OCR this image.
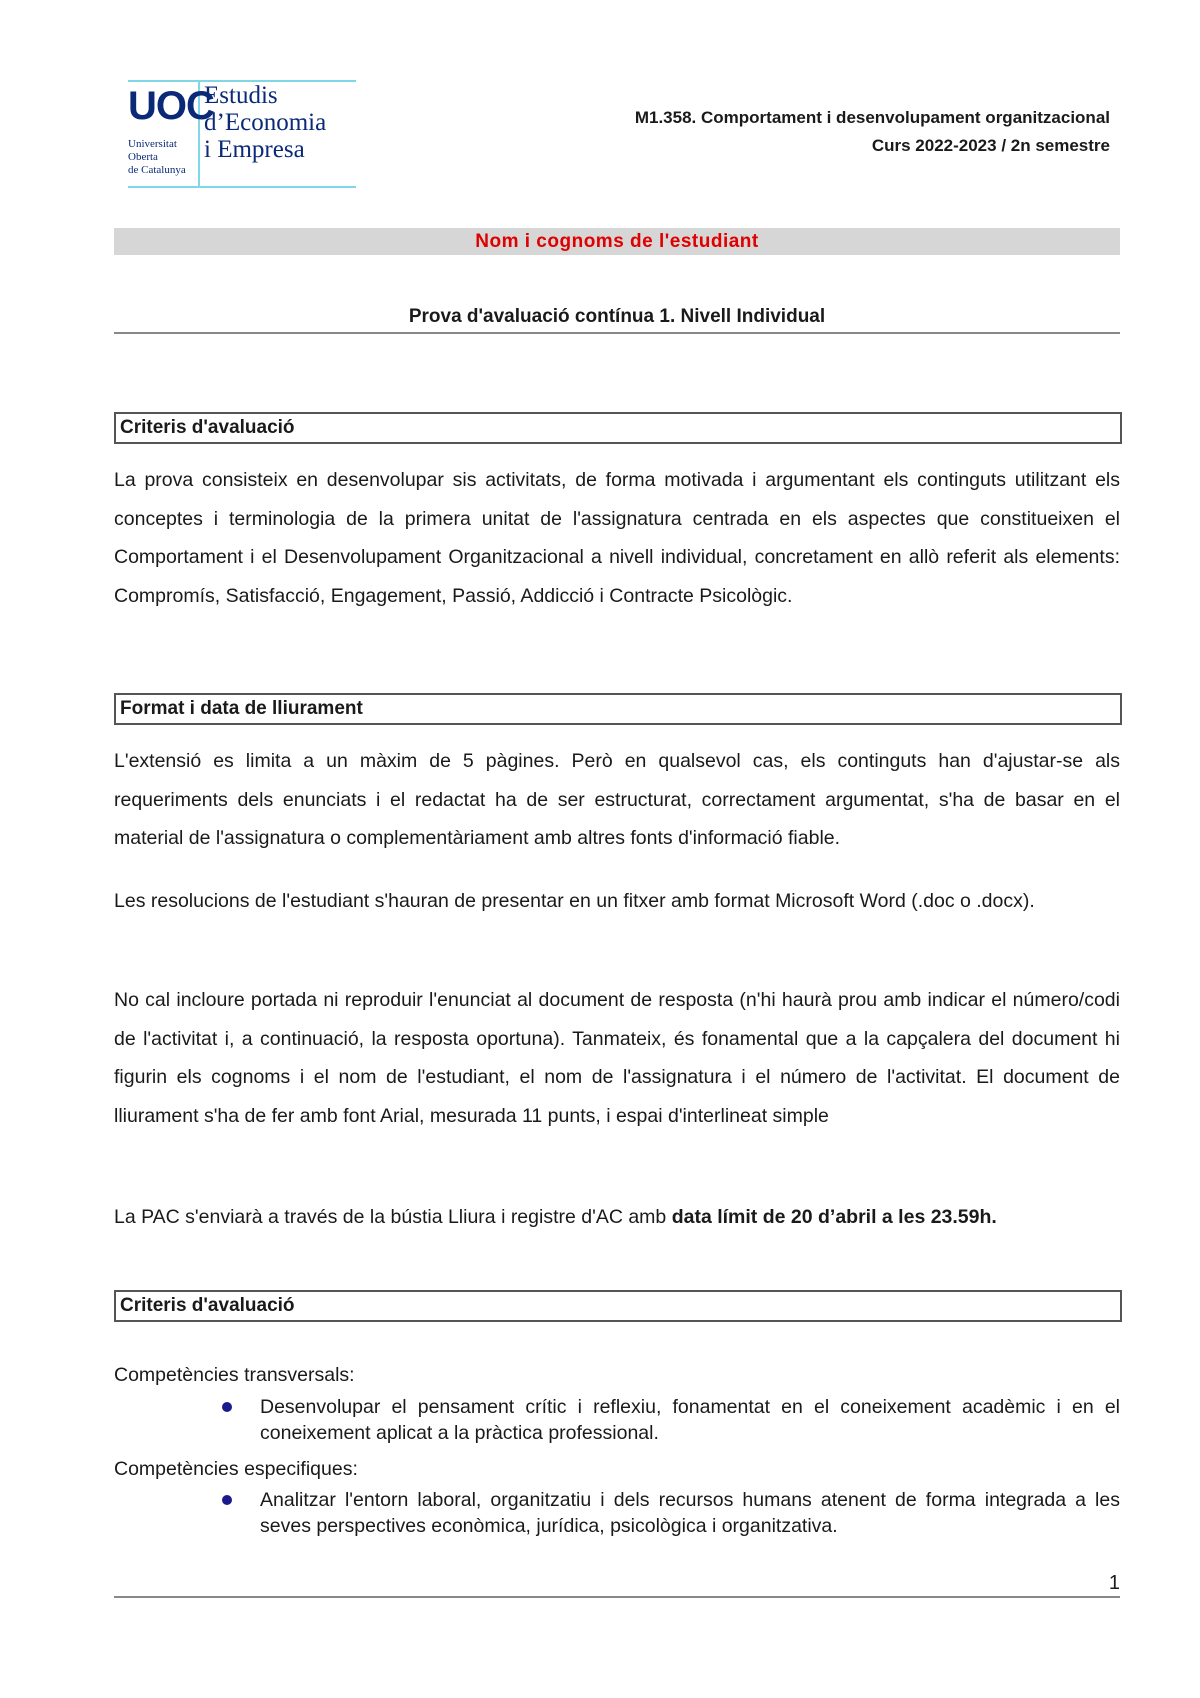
UOC
Universitat
Oberta
de Catalunya
Estudis
d’Economia
i Empresa
M1.358. Comportament i desenvolupament organitzacional
Curs 2022-2023 / 2n semestre
Nom i cognoms de l'estudiant
Prova d'avaluació contínua 1. Nivell Individual
Criteris d'avaluació

La prova consisteix en desenvolupar sis activitats, de forma motivada i argumentant els continguts utilitzant els conceptes i terminologia de la primera unitat de l'assignatura centrada en els aspectes que constitueixen el Comportament i el Desenvolupament Organitzacional a nivell individual, concretament en allò referit als elements: Compromís, Satisfacció, Engagement, Passió, Addicció i Contracte Psicològic.

Format i data de lliurament

L'extensió es limita a un màxim de 5 pàgines. Però en qualsevol cas, els continguts han d'ajustar-se als requeriments dels enunciats i el redactat ha de ser estructurat, correctament argumentat, s'ha de basar en el material de l'assignatura o complementàriament amb altres fonts d'informació fiable.

Les resolucions de l'estudiant s'hauran de presentar en un fitxer amb format Microsoft Word (.doc o .docx).

No cal incloure portada ni reproduir l'enunciat al document de resposta (n'hi haurà prou amb indicar el número/codi de l'activitat i, a continuació, la resposta oportuna). Tanmateix, és fonamental que a la capçalera del document hi figurin els cognoms i el nom de l'estudiant, el nom de l'assignatura i el número de l'activitat. El document de lliurament s'ha de fer amb font Arial, mesurada 11 punts, i espai d'interlineat simple

La PAC s'enviarà a través de la bústia Lliura i registre d'AC amb data límit de 20 d’abril a les 23.59h.

Criteris d'avaluació

Competències transversals:

Desenvolupar el pensament crític i reflexiu, fonamentat en el coneixement acadèmic i en el coneixement aplicat a la pràctica professional.

Competències especifiques:

Analitzar l'entorn laboral, organitzatiu i dels recursos humans atenent de forma integrada a les seves perspectives econòmica, jurídica, psicològica i organitzativa.

1
